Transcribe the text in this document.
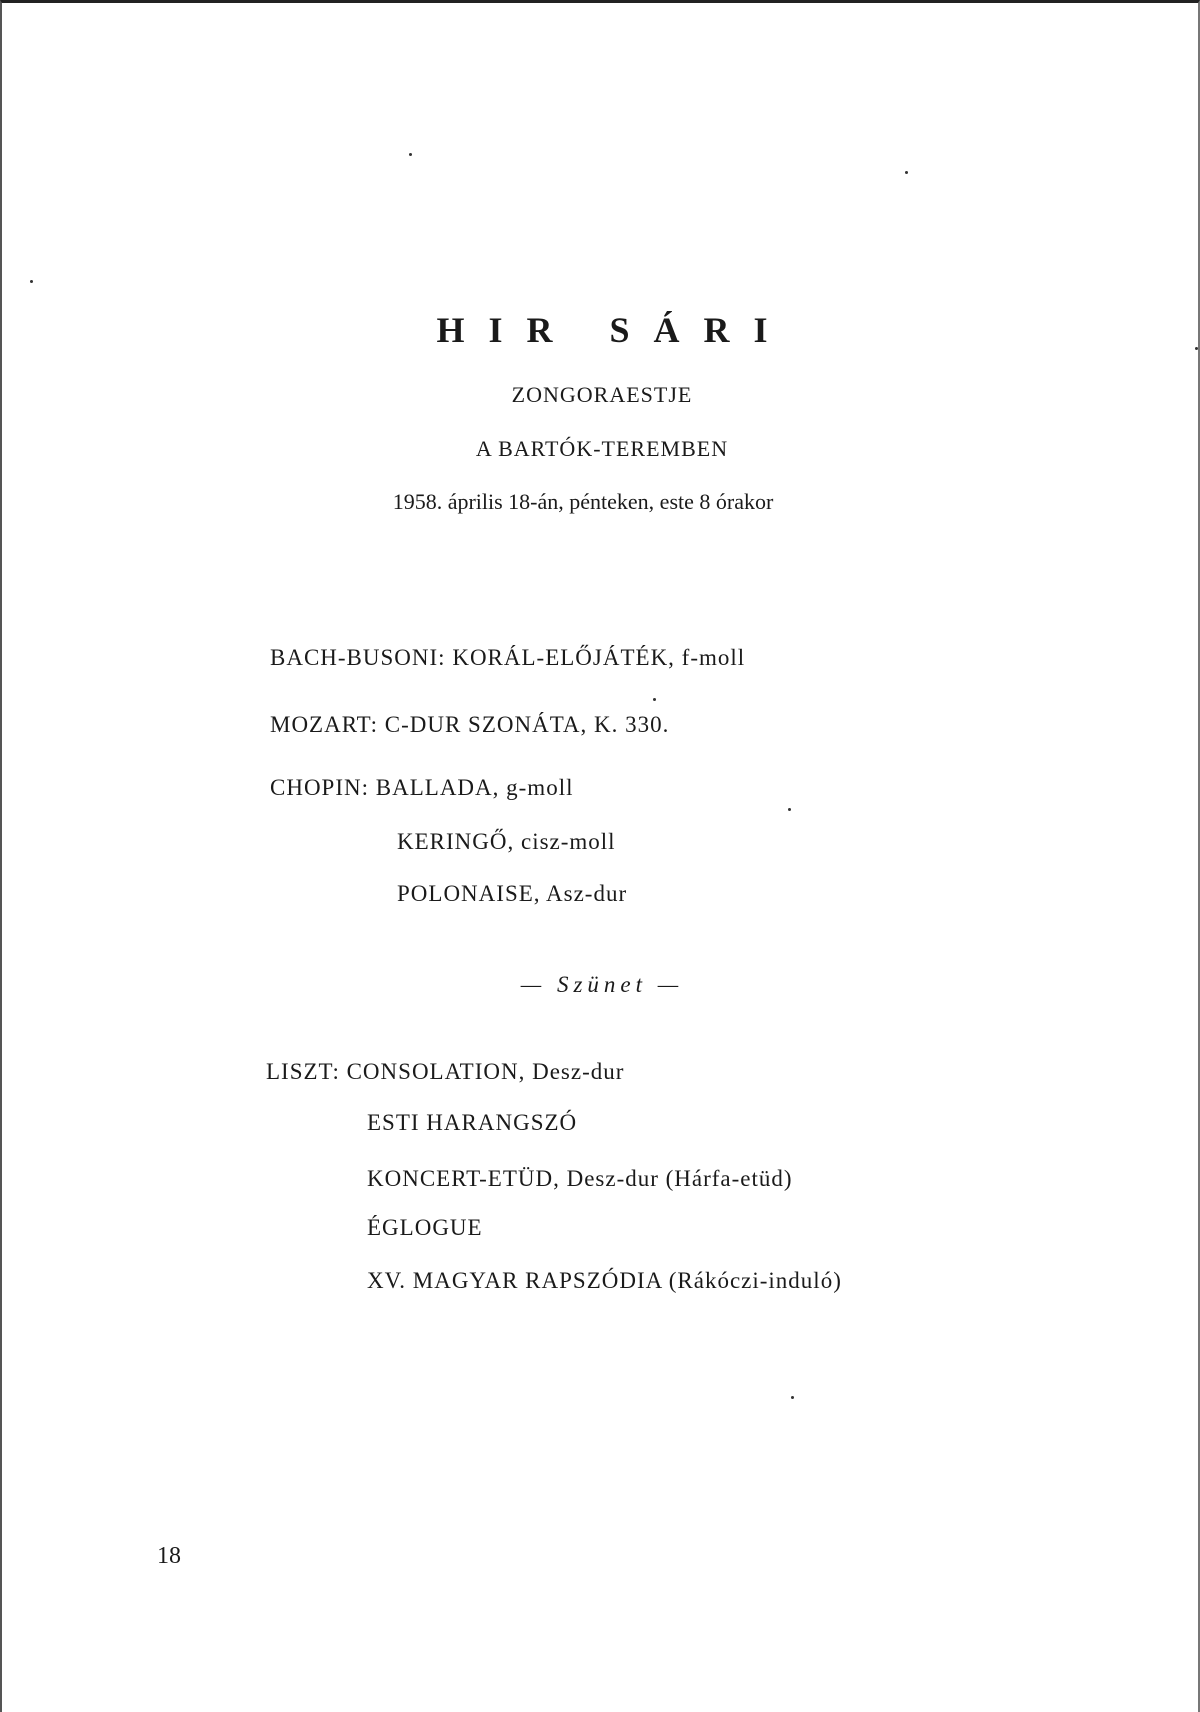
HIR SÁRI
ZONGORAESTJE
A BARTÓK-TEREMBEN
1958. április 18-án, pénteken, este 8 órakor
BACH-BUSONI: KORÁL-ELŐJÁTÉK, f-moll
MOZART: C-DUR SZONÁTA, K. 330.
CHOPIN: BALLADA, g-moll
KERINGŐ, cisz-moll
POLONAISE, Asz-dur
— Szünet —
LISZT: CONSOLATION, Desz-dur
ESTI HARANGSZÓ
KONCERT-ETÜD, Desz-dur (Hárfa-etüd)
ÉGLOGUE
XV. MAGYAR RAPSZÓDIA (Rákóczi-induló)
18
